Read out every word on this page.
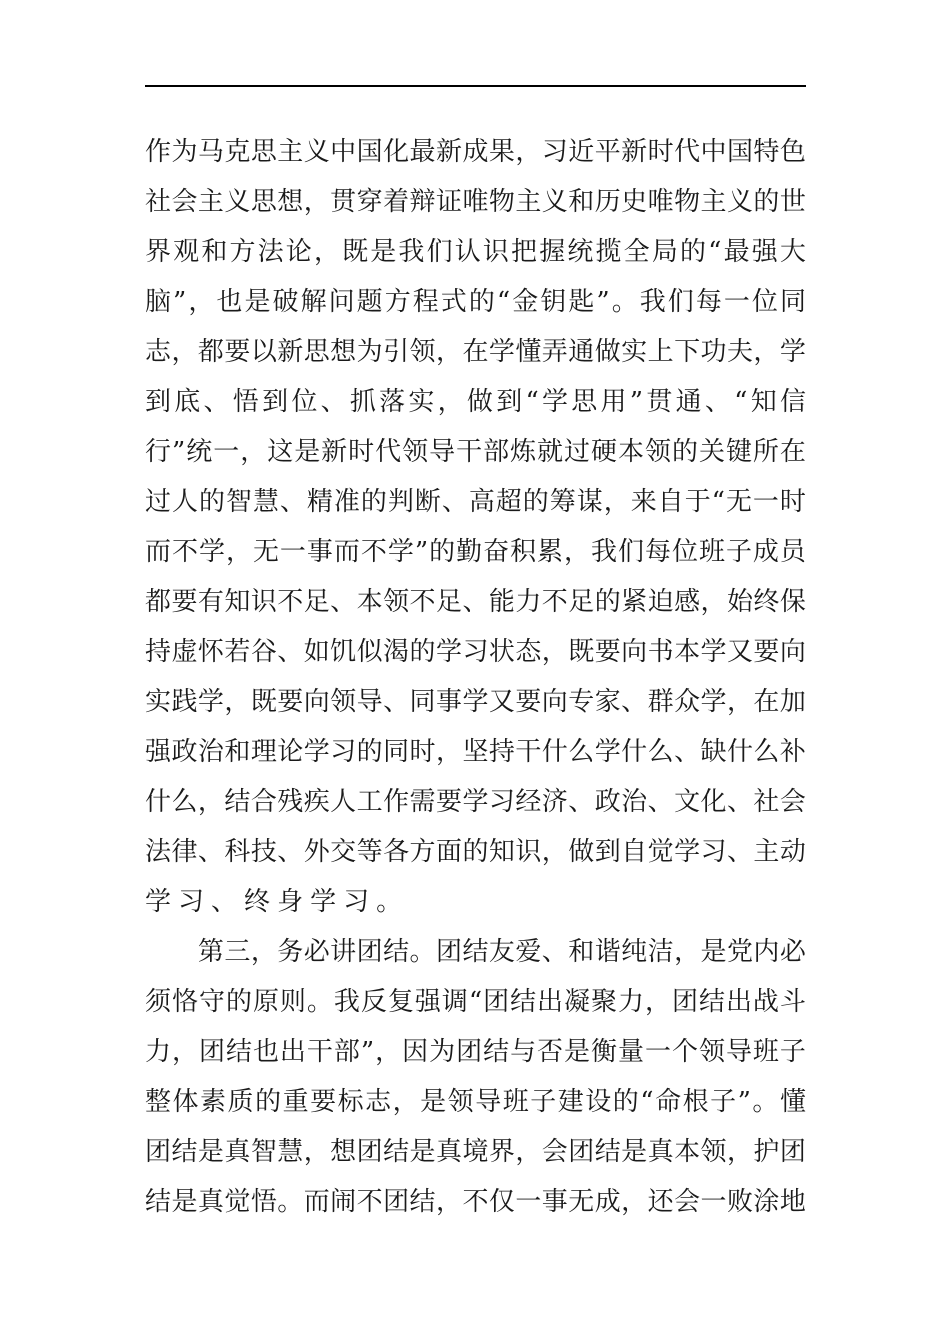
作 为 马 克 思 主 义 中 国 化 最 新 成 果 ， 习 近 平 新 时 代 中 国 特 色
社 会 主 义 思 想 ， 贯 穿 着 辩 证 唯 物 主 义 和 历 史 唯 物 主 义 的 世
界 观 和 方 法 论 ， 既 是 我 们 认 识 把 握 统 揽 全 局 的 “ 最 强 大
脑 ” ， 也 是 破 解 问 题 方 程 式 的 “ 金 钥 匙 ” 。 我 们 每 一 位 同
志 ， 都 要 以 新 思 想 为 引 领 ， 在 学 懂 弄 通 做 实 上 下 功 夫 ， 学
到 底 、 悟 到 位 、 抓 落 实 ， 做 到 “ 学 思 用 ” 贯 通 、 “ 知 信
行 ” 统 一 ， 这 是 新 时 代 领 导 干 部 炼 就 过 硬 本 领 的 关 键 所 在
过 人 的 智 慧 、 精 准 的 判 断 、 高 超 的 筹 谋 ， 来 自 于 “ 无 一 时
而 不 学 ， 无 一 事 而 不 学 ” 的 勤 奋 积 累 ， 我 们 每 位 班 子 成 员
都 要 有 知 识 不 足 、 本 领 不 足 、 能 力 不 足 的 紧 迫 感 ， 始 终 保
持 虚 怀 若 谷 、 如 饥 似 渴 的 学 习 状 态 ， 既 要 向 书 本 学 又 要 向
实 践 学 ， 既 要 向 领 导 、 同 事 学 又 要 向 专 家 、 群 众 学 ， 在 加
强 政 治 和 理 论 学 习 的 同 时 ， 坚 持 干 什 么 学 什 么 、 缺 什 么 补
什 么 ， 结 合 残 疾 人 工 作 需 要 学 习 经 济 、 政 治 、 文 化 、 社 会
法 律 、 科 技 、 外 交 等 各 方 面 的 知 识 ， 做 到 自 觉 学 习 、 主 动
学 习 、 终 身 学 习 。

第 三 ， 务 必 讲 团 结 。 团 结 友 爱 、 和 谐 纯 洁 ， 是 党 内 必
须 恪 守 的 原 则 。 我 反 复 强 调 “ 团 结 出 凝 聚 力 ， 团 结 出 战 斗
力 ， 团 结 也 出 干 部 ” ， 因 为 团 结 与 否 是 衡 量 一 个 领 导 班 子
整 体 素 质 的 重 要 标 志 ， 是 领 导 班 子 建 设 的 “ 命 根 子 ” 。 懂
团 结 是 真 智 慧 ， 想 团 结 是 真 境 界 ， 会 团 结 是 真 本 领 ， 护 团
结 是 真 觉 悟 。 而 闹 不 团 结 ， 不 仅 一 事 无 成 ， 还 会 一 败 涂 地
